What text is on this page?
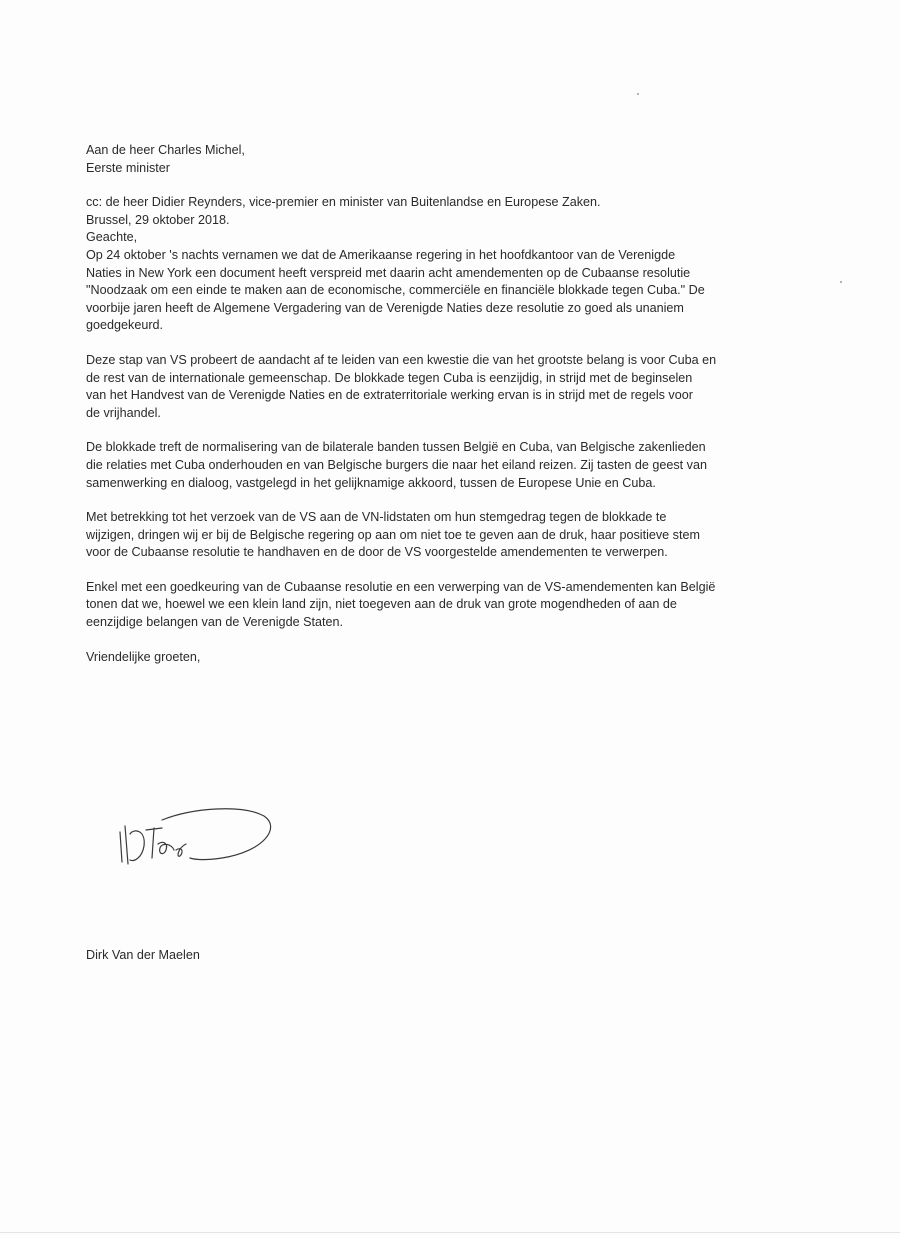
Aan de heer Charles Michel,

Eerste minister

cc: de heer Didier Reynders, vice-premier en minister van Buitenlandse en Europese Zaken.

Brussel, 29 oktober 2018.

Geachte,

Op 24 oktober 's nachts vernamen we dat de Amerikaanse regering in het hoofdkantoor van de Verenigde
Naties in New York een document heeft verspreid met daarin acht amendementen op de Cubaanse resolutie
"Noodzaak om een einde te maken aan de economische, commerciële en financiële blokkade tegen Cuba." De
voorbije jaren heeft de Algemene Vergadering van de Verenigde Naties deze resolutie zo goed als unaniem
goedgekeurd.
Deze stap van VS probeert de aandacht af te leiden van een kwestie die van het grootste belang is voor Cuba en
de rest van de internationale gemeenschap. De blokkade tegen Cuba is eenzijdig, in strijd met de beginselen
van het Handvest van de Verenigde Naties en de extraterritoriale werking ervan is in strijd met de regels voor
de vrijhandel.
De blokkade treft de normalisering van de bilaterale banden tussen België en Cuba, van Belgische zakenlieden
die relaties met Cuba onderhouden en van Belgische burgers die naar het eiland reizen. Zij tasten de geest van
samenwerking en dialoog, vastgelegd in het gelijknamige akkoord, tussen de Europese Unie en Cuba.
Met betrekking tot het verzoek van de VS aan de VN-lidstaten om hun stemgedrag tegen de blokkade te
wijzigen, dringen wij er bij de Belgische regering op aan om niet toe te geven aan de druk, haar positieve stem
voor de Cubaanse resolutie te handhaven en de door de VS voorgestelde amendementen te verwerpen.
Enkel met een goedkeuring van de Cubaanse resolutie en een verwerping van de VS-amendementen kan België
tonen dat we, hoewel we een klein land zijn, niet toegeven aan de druk van grote mogendheden of aan de
eenzijdige belangen van de Verenigde Staten.

Vriendelijke groeten,

Dirk Van der Maelen
